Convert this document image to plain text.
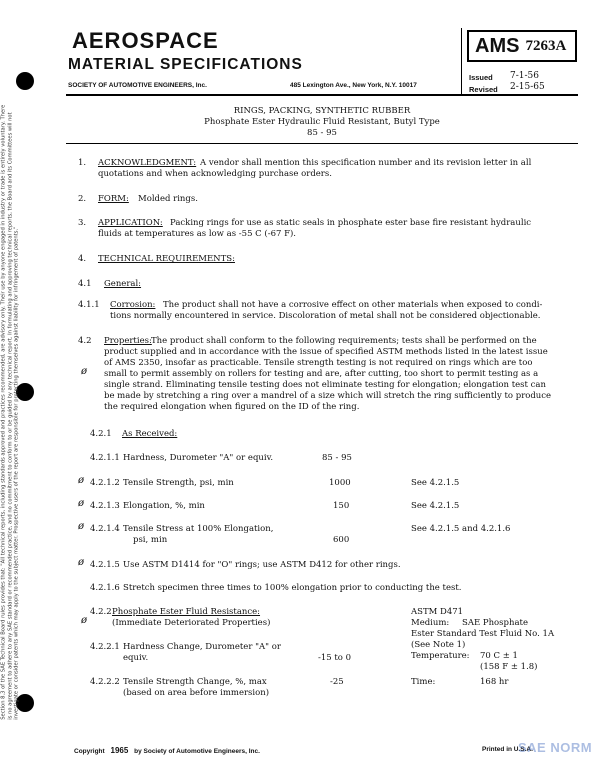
Section 8.3 of the SAE Technical Board rules provides that: "All technical reports, including standards approved and practices recommended, are advisory only. Their use by anyone engaged in industry or trade is entirely voluntary. There is no agreement to adhere to any SAE standard or recommended practice, and no commitment to conform to or be guided by any technical report. In formulating and approving technical reports, the Board and its Committees will not investigate or consider patents which may apply to the subject matter. Prospective users of the report are responsible for protecting themselves against liability for infringement of patents."
AEROSPACE
MATERIAL SPECIFICATIONS
SOCIETY OF AUTOMOTIVE ENGINEERS, Inc.	485 Lexington Ave., New York, N.Y. 10017
AMS 7263A
Issued 7-1-56
Revised 2-15-65
RINGS, PACKING, SYNTHETIC RUBBER
Phosphate Ester Hydraulic Fluid Resistant, Butyl Type
85 - 95
1. ACKNOWLEDGMENT: A vendor shall mention this specification number and its revision letter in all
quotations and when acknowledging purchase orders.
2. FORM: Molded rings.
3. APPLICATION: Packing rings for use as static seals in phosphate ester base fire resistant hydraulic
fluids at temperatures as low as -55 C (-67 F).
4. TECHNICAL REQUIREMENTS:
4.1 General:
4.1.1 Corrosion: The product shall not have a corrosive effect on other materials when exposed to condi-
tions normally encountered in service. Discoloration of metal shall not be considered objectionable.
4.2 Properties: The product shall conform to the following requirements; tests shall be performed on the
product supplied and in accordance with the issue of specified ASTM methods listed in the latest issue
of AMS 2350, insofar as practicable. Tensile strength testing is not required on rings which are too
ø small to permit assembly on rollers for testing and are, after cutting, too short to permit testing as a
single strand. Eliminating tensile testing does not eliminate testing for elongation; elongation test can
be made by stretching a ring over a mandrel of a size which will stretch the ring sufficiently to produce
the required elongation when figured on the ID of the ring.
4.2.1 As Received:
4.2.1.1 Hardness, Durometer "A" or equiv.	85 - 95
ø 4.2.1.2 Tensile Strength, psi, min	1000	See 4.2.1.5
ø 4.2.1.3 Elongation, %, min	150	See 4.2.1.5
ø 4.2.1.4 Tensile Stress at 100% Elongation,
psi, min	600
See 4.2.1.5 and 4.2.1.6
ø 4.2.1.5 Use ASTM D1414 for "O" rings; use ASTM D412 for other rings.
4.2.1.6 Stretch specimen three times to 100% elongation prior to conducting the test.
4.2.2 Phosphate Ester Fluid Resistance:
ø	(Immediate Deteriorated Properties)
ASTM D471
Medium: SAE Phosphate
Ester Standard Test Fluid No. 1A
(See Note 1)
Temperature: 70 C ± 1
(158 F ± 1.8)
Time:	168 hr
4.2.2.1 Hardness Change, Durometer "A" or
equiv.	-15 to 0
4.2.2.2 Tensile Strength Change, %, max
(based on area before immersion)
-25
Copyright 1965 by Society of Automotive Engineers, Inc.	Printed in U.S.A.
SAE NORM
